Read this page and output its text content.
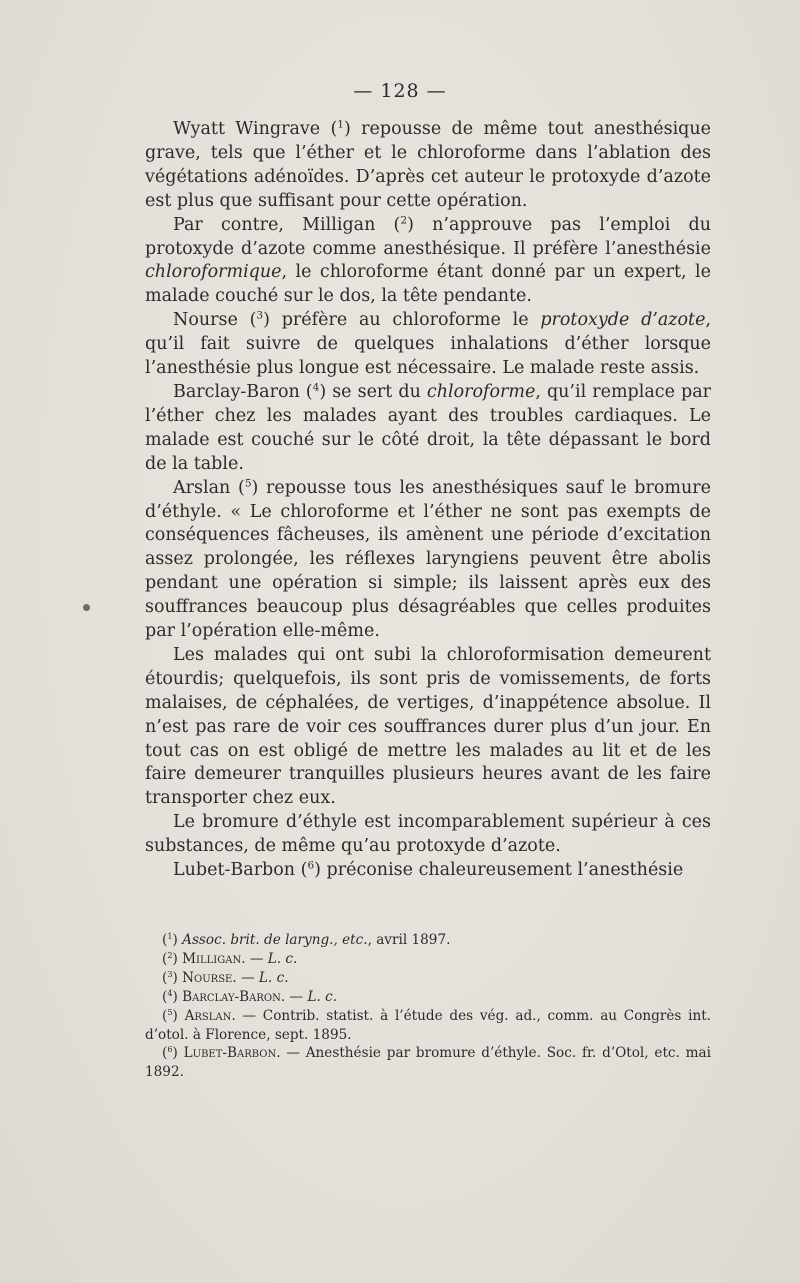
— 128 —

Wyatt Wingrave ($^1$) repousse de même tout anesthésique grave, tels que l’éther et le chloroforme dans l’ablation des végétations adénoïdes. D’après cet auteur le protoxyde d’azote est plus que suffisant pour cette opération.

Par contre, Milligan ($^2$) n’approuve pas l’emploi du protoxyde d’azote comme anesthésique. Il préfère l’anesthésie chloroformique, le chloroforme étant donné par un expert, le malade couché sur le dos, la tête pendante.

Nourse ($^3$) préfère au chloroforme le protoxyde d’azote, qu’il fait suivre de quelques inhalations d’éther lorsque l’anesthésie plus longue est nécessaire. Le malade reste assis.

Barclay-Baron ($^4$) se sert du chloroforme, qu’il remplace par l’éther chez les malades ayant des troubles cardiaques. Le malade est couché sur le côté droit, la tête dépassant le bord de la table.

Arslan ($^5$) repousse tous les anesthésiques sauf le bromure d’éthyle. « Le chloroforme et l’éther ne sont pas exempts de conséquences fâcheuses, ils amènent une période d’excitation assez prolongée, les réflexes laryngiens peuvent être abolis pendant une opération si simple; ils laissent après eux des souffrances beaucoup plus désagréables que celles produites par l’opération elle-même.

Les malades qui ont subi la chloroformisation demeurent étourdis; quelquefois, ils sont pris de vomissements, de forts malaises, de céphalées, de vertiges, d’inappétence absolue. Il n’est pas rare de voir ces souffrances durer plus d’un jour. En tout cas on est obligé de mettre les malades au lit et de les faire demeurer tranquilles plusieurs heures avant de les faire transporter chez eux.

Le bromure d’éthyle est incomparablement supérieur à ces substances, de même qu’au protoxyde d’azote.

Lubet-Barbon ($^6$) préconise chaleureusement l’anesthésie

($^1$) Assoc. brit. de laryng., etc., avril 1897.

($^2$) Milligan. — L. c.

($^3$) Nourse. — L. c.

($^4$) Barclay-Baron. — L. c.

($^5$) Arslan. — Contrib. statist. à l’étude des vég. ad., comm. au Congrès int. d’otol. à Florence, sept. 1895.

($^6$) Lubet-Barbon. — Anesthésie par bromure d’éthyle. Soc. fr. d’Otol, etc. mai 1892.
